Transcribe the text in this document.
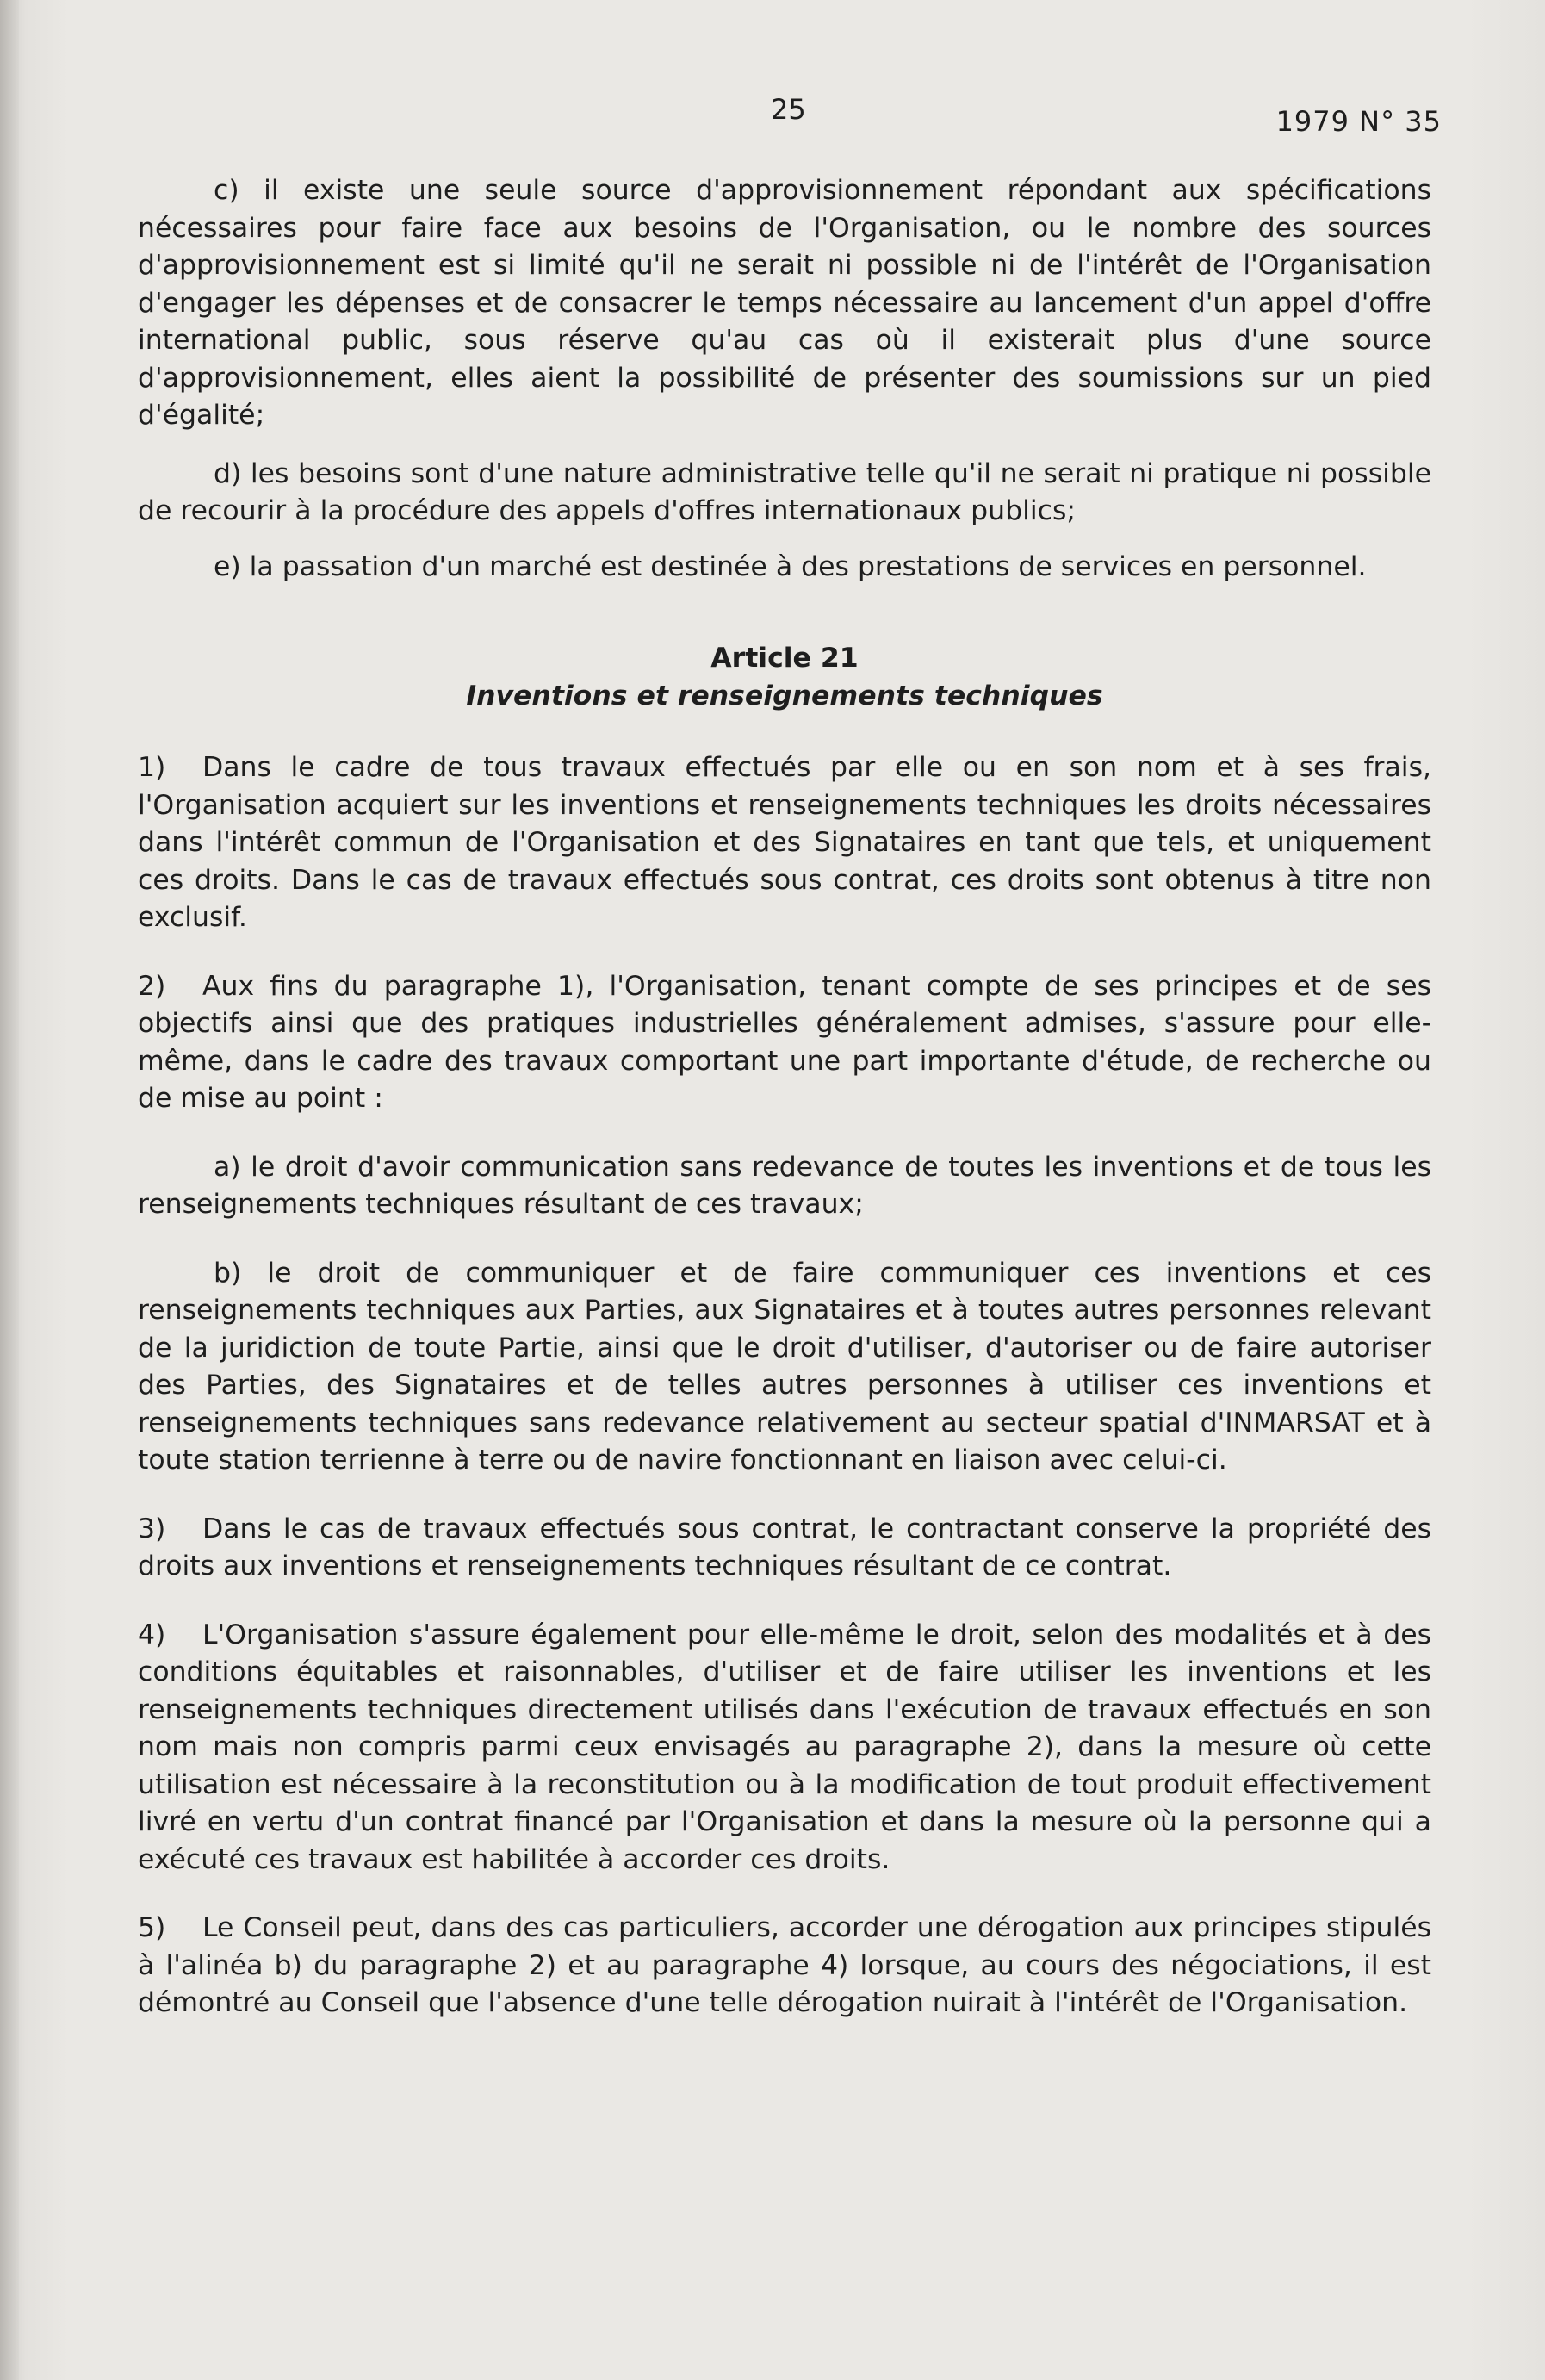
25	1979 N° 35

c) il existe une seule source d'approvisionnement répondant aux spécifications nécessaires pour faire face aux besoins de l'Organisation, ou le nombre des sources d'approvisionnement est si limité qu'il ne serait ni possible ni de l'intérêt de l'Organisation d'engager les dépenses et de consacrer le temps nécessaire au lancement d'un appel d'offre international public, sous réserve qu'au cas où il existerait plus d'une source d'approvisionnement, elles aient la possibilité de présenter des soumissions sur un pied d'égalité;

d) les besoins sont d'une nature administrative telle qu'il ne serait ni pratique ni possible de recourir à la procédure des appels d'offres internationaux publics;

e) la passation d'un marché est destinée à des prestations de services en personnel.

Article 21
Inventions et renseignements techniques

1) Dans le cadre de tous travaux effectués par elle ou en son nom et à ses frais, l'Organisation acquiert sur les inventions et renseignements techniques les droits nécessaires dans l'intérêt commun de l'Organisation et des Signataires en tant que tels, et uniquement ces droits. Dans le cas de travaux effectués sous contrat, ces droits sont obtenus à titre non exclusif.

2) Aux fins du paragraphe 1), l'Organisation, tenant compte de ses principes et de ses objectifs ainsi que des pratiques industrielles généralement admises, s'assure pour elle-même, dans le cadre des travaux comportant une part importante d'étude, de recherche ou de mise au point :

a) le droit d'avoir communication sans redevance de toutes les inventions et de tous les renseignements techniques résultant de ces travaux;

b) le droit de communiquer et de faire communiquer ces inventions et ces renseignements techniques aux Parties, aux Signataires et à toutes autres personnes relevant de la juridiction de toute Partie, ainsi que le droit d'utiliser, d'autoriser ou de faire autoriser des Parties, des Signataires et de telles autres personnes à utiliser ces inventions et renseignements techniques sans redevance relativement au secteur spatial d'INMARSAT et à toute station terrienne à terre ou de navire fonctionnant en liaison avec celui-ci.

3) Dans le cas de travaux effectués sous contrat, le contractant conserve la propriété des droits aux inventions et renseignements techniques résultant de ce contrat.

4) L'Organisation s'assure également pour elle-même le droit, selon des modalités et à des conditions équitables et raisonnables, d'utiliser et de faire utiliser les inventions et les renseignements techniques directement utilisés dans l'exécution de travaux effectués en son nom mais non compris parmi ceux envisagés au paragraphe 2), dans la mesure où cette utilisation est nécessaire à la reconstitution ou à la modification de tout produit effectivement livré en vertu d'un contrat financé par l'Organisation et dans la mesure où la personne qui a exécuté ces travaux est habilitée à accorder ces droits.

5) Le Conseil peut, dans des cas particuliers, accorder une dérogation aux principes stipulés à l'alinéa b) du paragraphe 2) et au paragraphe 4) lorsque, au cours des négociations, il est démontré au Conseil que l'absence d'une telle dérogation nuirait à l'intérêt de l'Organisation.
